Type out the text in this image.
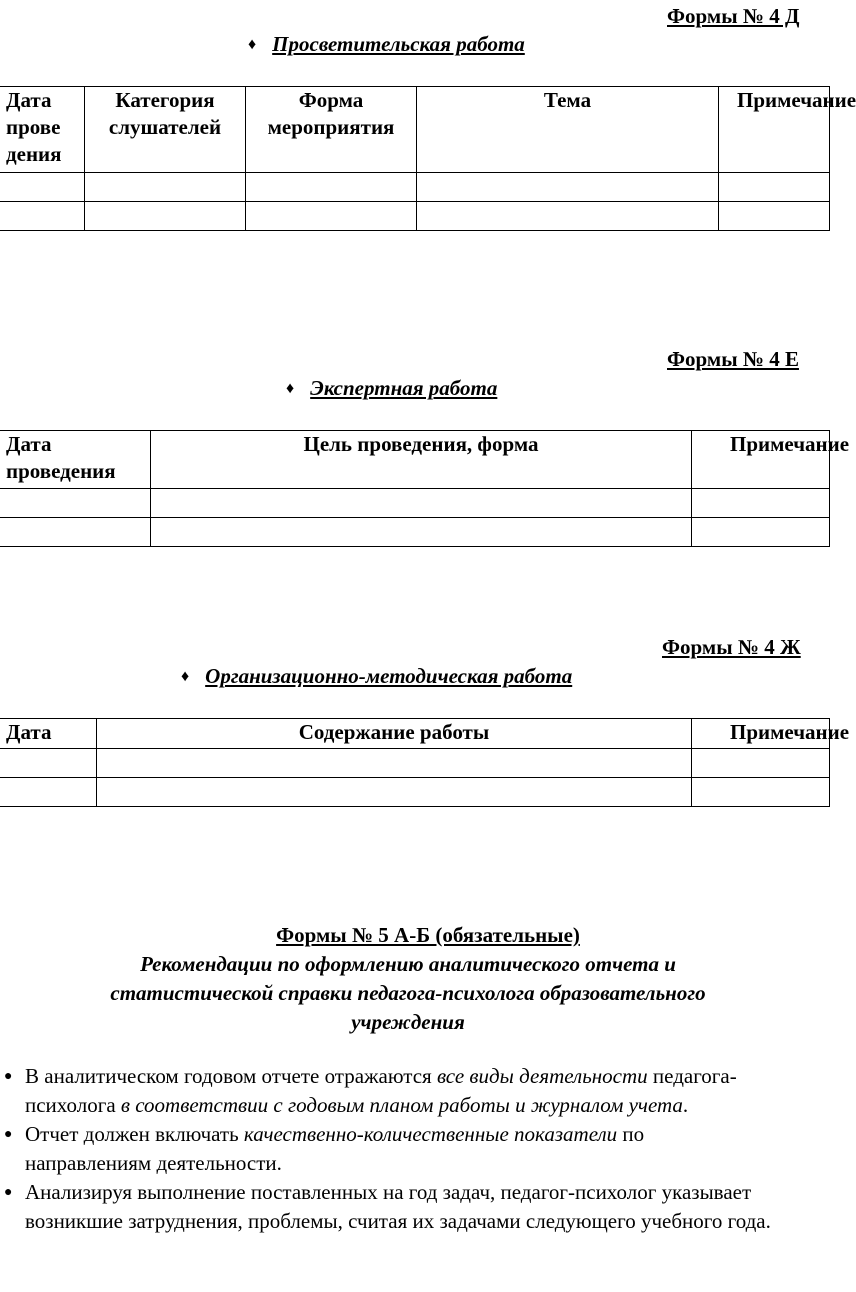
Формы № 4 Д
♦ Просветительская работа
Дата прове дения	Категория слушателей	Форма мероприятия	Тема	Примечание

Формы № 4 Е
♦ Экспертная работа
Дата проведения	Цель проведения, форма	Примечание

Формы № 4 Ж
♦ Организационно-методическая работа
Дата	Содержание работы	Примечание

Формы № 5 А-Б (обязательные)
Рекомендации по оформлению аналитического отчета и
статистической справки педагога-психолога образовательного
учреждения
● В аналитическом годовом отчете отражаются все виды деятельности педагога-психолога в соответствии с годовым планом работы и журналом учета.
● Отчет должен включать качественно-количественные показатели по направлениям деятельности.
● Анализируя выполнение поставленных на год задач, педагог-психолог указывает возникшие затруднения, проблемы, считая их задачами следующего учебного года.
